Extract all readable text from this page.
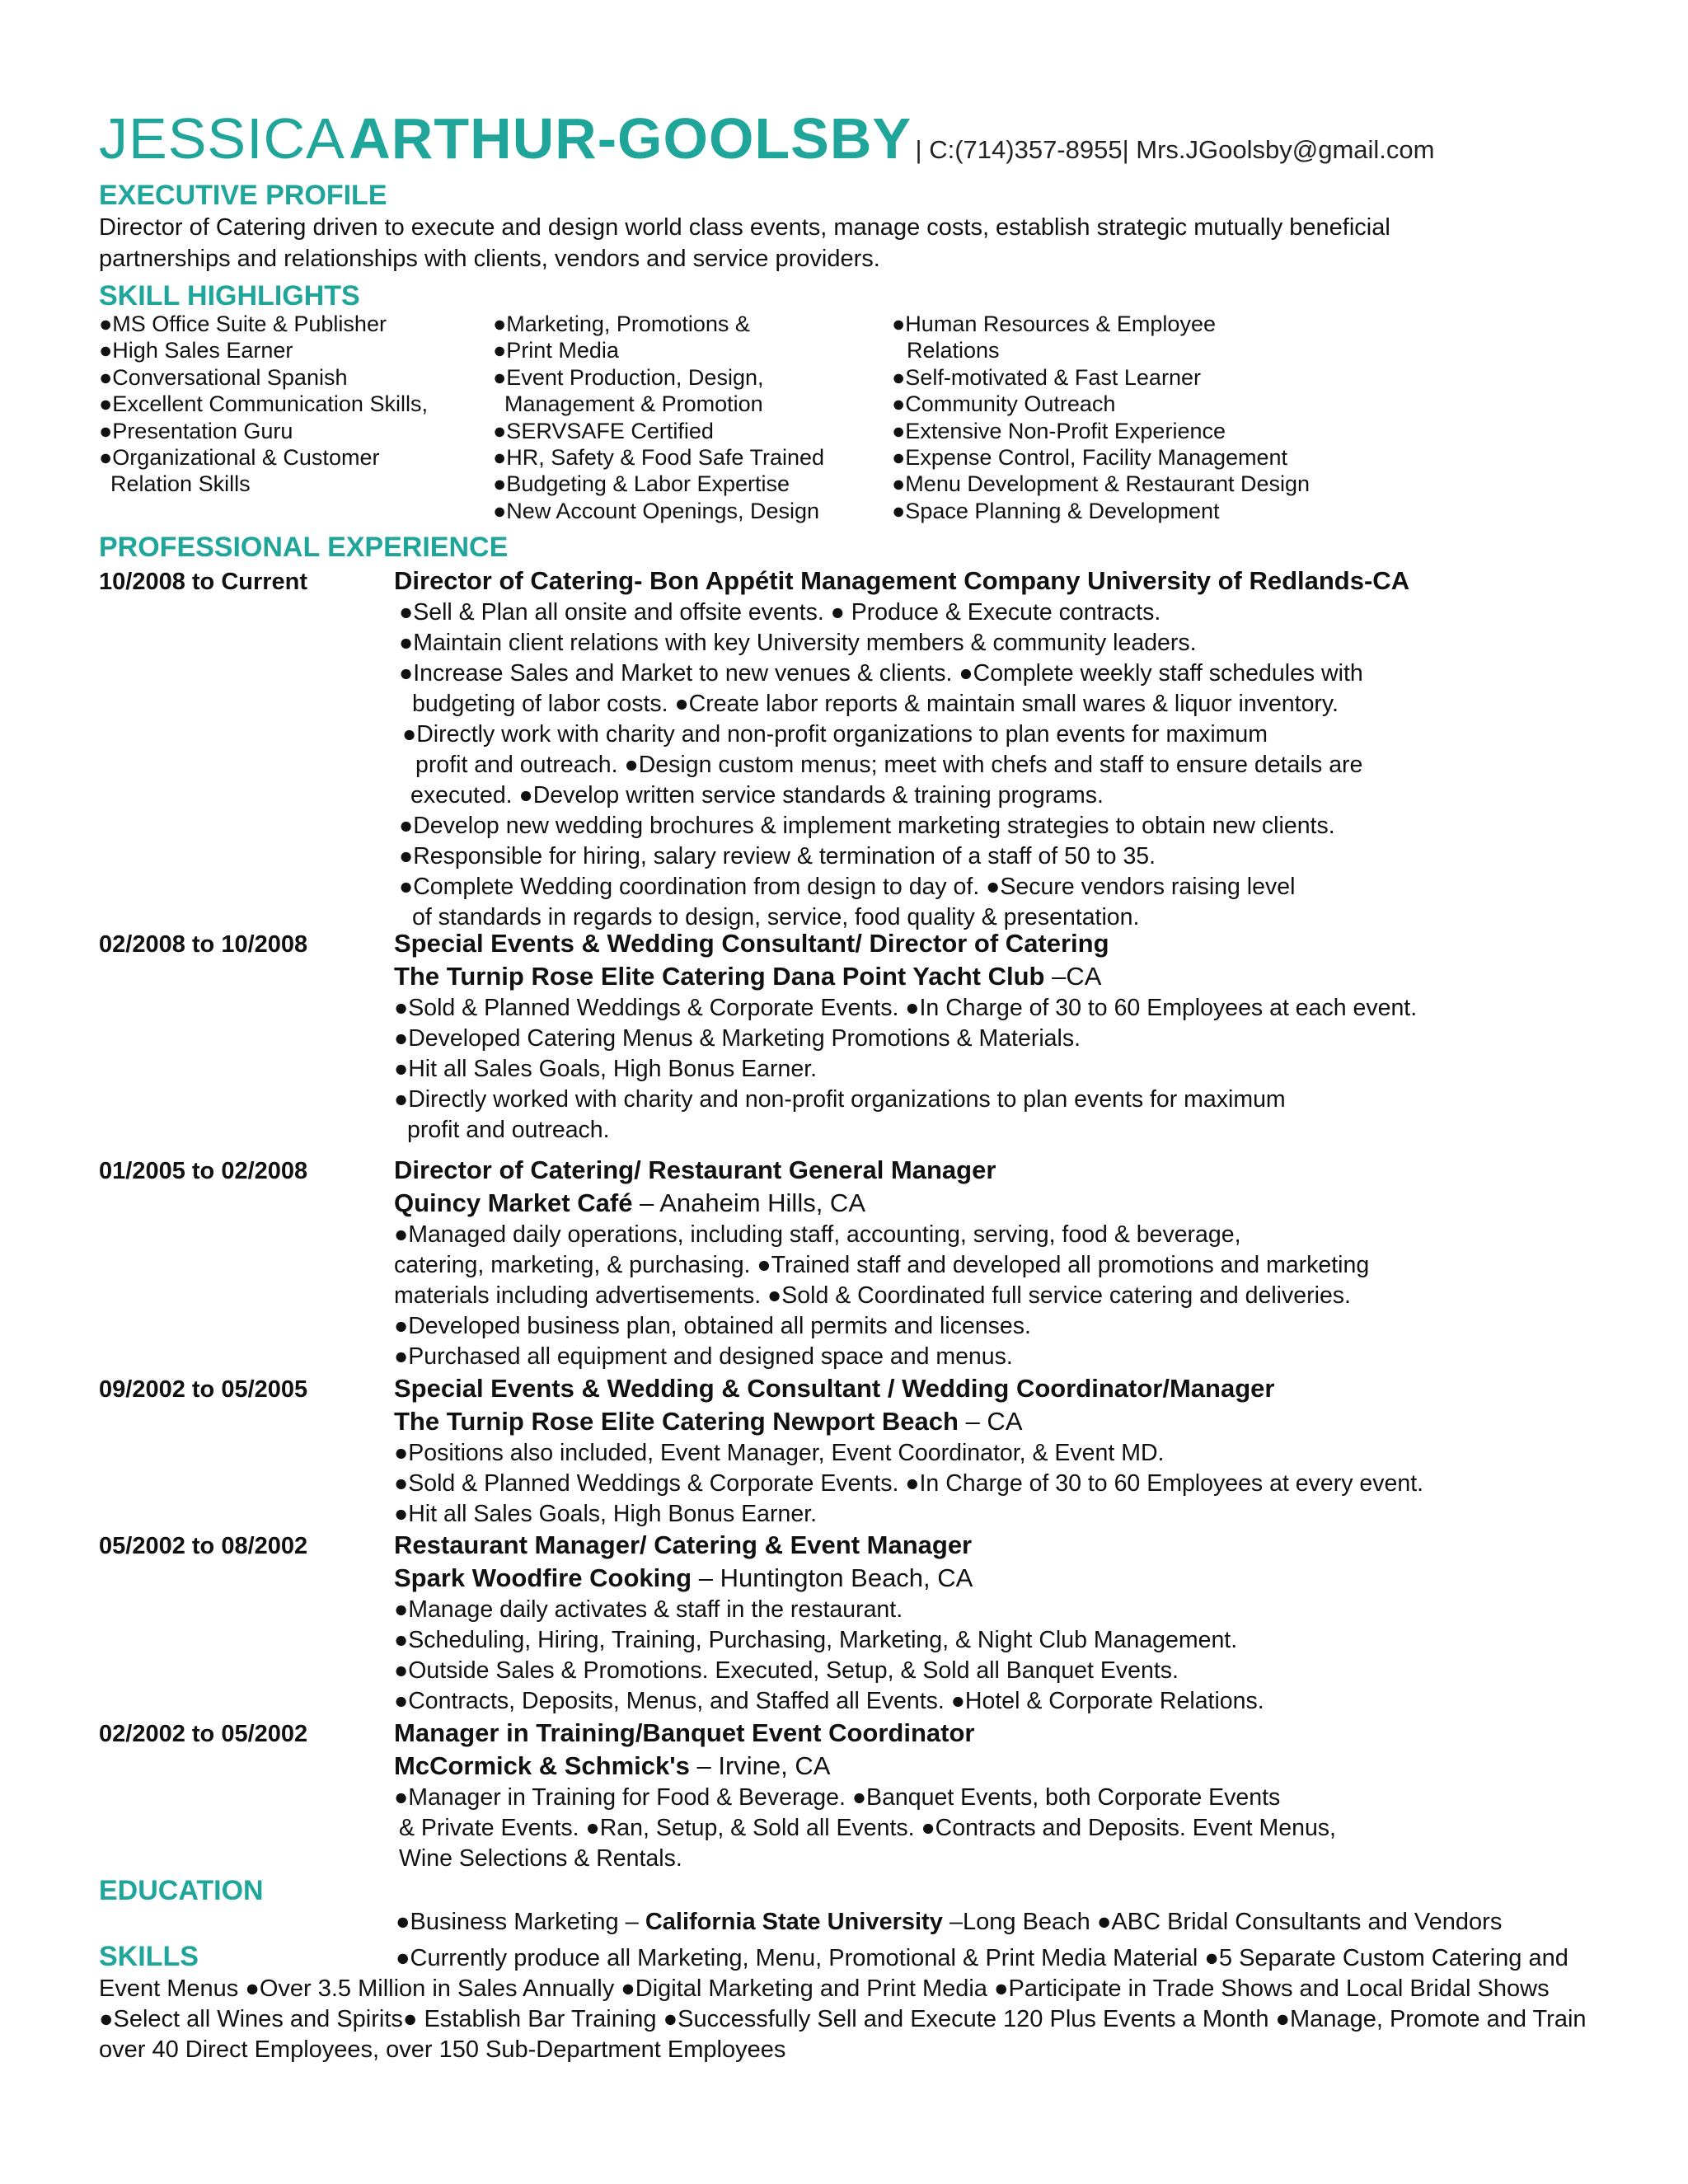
JESSICA ARTHUR-GOOLSBY | C:(714)357-8955| Mrs.JGoolsby@gmail.com
EXECUTIVE PROFILE
Director of Catering driven to execute and design world class events, manage costs, establish strategic mutually beneficial
partnerships and relationships with clients, vendors and service providers.
SKILL HIGHLIGHTS
●MS Office Suite & Publisher
●High Sales Earner
●Conversational Spanish
●Excellent Communication Skills,
●Presentation Guru
●Organizational & Customer
Relation Skills
●Marketing, Promotions &
●Print Media
●Event Production, Design,
Management & Promotion
●SERVSAFE Certified
●HR, Safety & Food Safe Trained
●Budgeting & Labor Expertise
●New Account Openings, Design
●Human Resources & Employee
Relations
●Self-motivated & Fast Learner
●Community Outreach
●Extensive Non-Profit Experience
●Expense Control, Facility Management
●Menu Development & Restaurant Design
●Space Planning & Development
PROFESSIONAL EXPERIENCE
10/2008 to Current	Director of Catering- Bon Appétit Management Company University of Redlands-CA
●Sell & Plan all onsite and offsite events. ● Produce & Execute contracts.
●Maintain client relations with key University members & community leaders.
●Increase Sales and Market to new venues & clients. ●Complete weekly staff schedules with
budgeting of labor costs. ●Create labor reports & maintain small wares & liquor inventory.
●Directly work with charity and non-profit organizations to plan events for maximum
profit and outreach. ●Design custom menus; meet with chefs and staff to ensure details are
executed. ●Develop written service standards & training programs.
●Develop new wedding brochures & implement marketing strategies to obtain new clients.
●Responsible for hiring, salary review & termination of a staff of 50 to 35.
●Complete Wedding coordination from design to day of. ●Secure vendors raising level
of standards in regards to design, service, food quality & presentation.
02/2008 to 10/2008	Special Events & Wedding Consultant/ Director of Catering
The Turnip Rose Elite Catering Dana Point Yacht Club –CA
●Sold & Planned Weddings & Corporate Events. ●In Charge of 30 to 60 Employees at each event.
●Developed Catering Menus & Marketing Promotions & Materials.
●Hit all Sales Goals, High Bonus Earner.
●Directly worked with charity and non-profit organizations to plan events for maximum
profit and outreach.
01/2005 to 02/2008	Director of Catering/ Restaurant General Manager
Quincy Market Café – Anaheim Hills, CA
●Managed daily operations, including staff, accounting, serving, food & beverage,
catering, marketing, & purchasing. ●Trained staff and developed all promotions and marketing
materials including advertisements. ●Sold & Coordinated full service catering and deliveries.
●Developed business plan, obtained all permits and licenses.
●Purchased all equipment and designed space and menus.
09/2002 to 05/2005	Special Events & Wedding & Consultant / Wedding Coordinator/Manager
The Turnip Rose Elite Catering Newport Beach – CA
●Positions also included, Event Manager, Event Coordinator, & Event MD.
●Sold & Planned Weddings & Corporate Events. ●In Charge of 30 to 60 Employees at every event.
●Hit all Sales Goals, High Bonus Earner.
05/2002 to 08/2002	Restaurant Manager/ Catering & Event Manager
Spark Woodfire Cooking – Huntington Beach, CA
●Manage daily activates & staff in the restaurant.
●Scheduling, Hiring, Training, Purchasing, Marketing, & Night Club Management.
●Outside Sales & Promotions. Executed, Setup, & Sold all Banquet Events.
●Contracts, Deposits, Menus, and Staffed all Events. ●Hotel & Corporate Relations.
02/2002 to 05/2002	Manager in Training/Banquet Event Coordinator
McCormick & Schmick's – Irvine, CA
●Manager in Training for Food & Beverage. ●Banquet Events, both Corporate Events
& Private Events. ●Ran, Setup, & Sold all Events. ●Contracts and Deposits. Event Menus,
Wine Selections & Rentals.
EDUCATION
●Business Marketing – California State University –Long Beach ●ABC Bridal Consultants and Vendors
SKILLS	●Currently produce all Marketing, Menu, Promotional & Print Media Material ●5 Separate Custom Catering and Event Menus ●Over 3.5 Million in Sales Annually ●Digital Marketing and Print Media ●Participate in Trade Shows and Local Bridal Shows ●Select all Wines and Spirits● Establish Bar Training ●Successfully Sell and Execute 120 Plus Events a Month ●Manage, Promote and Train over 40 Direct Employees, over 150 Sub-Department Employees
